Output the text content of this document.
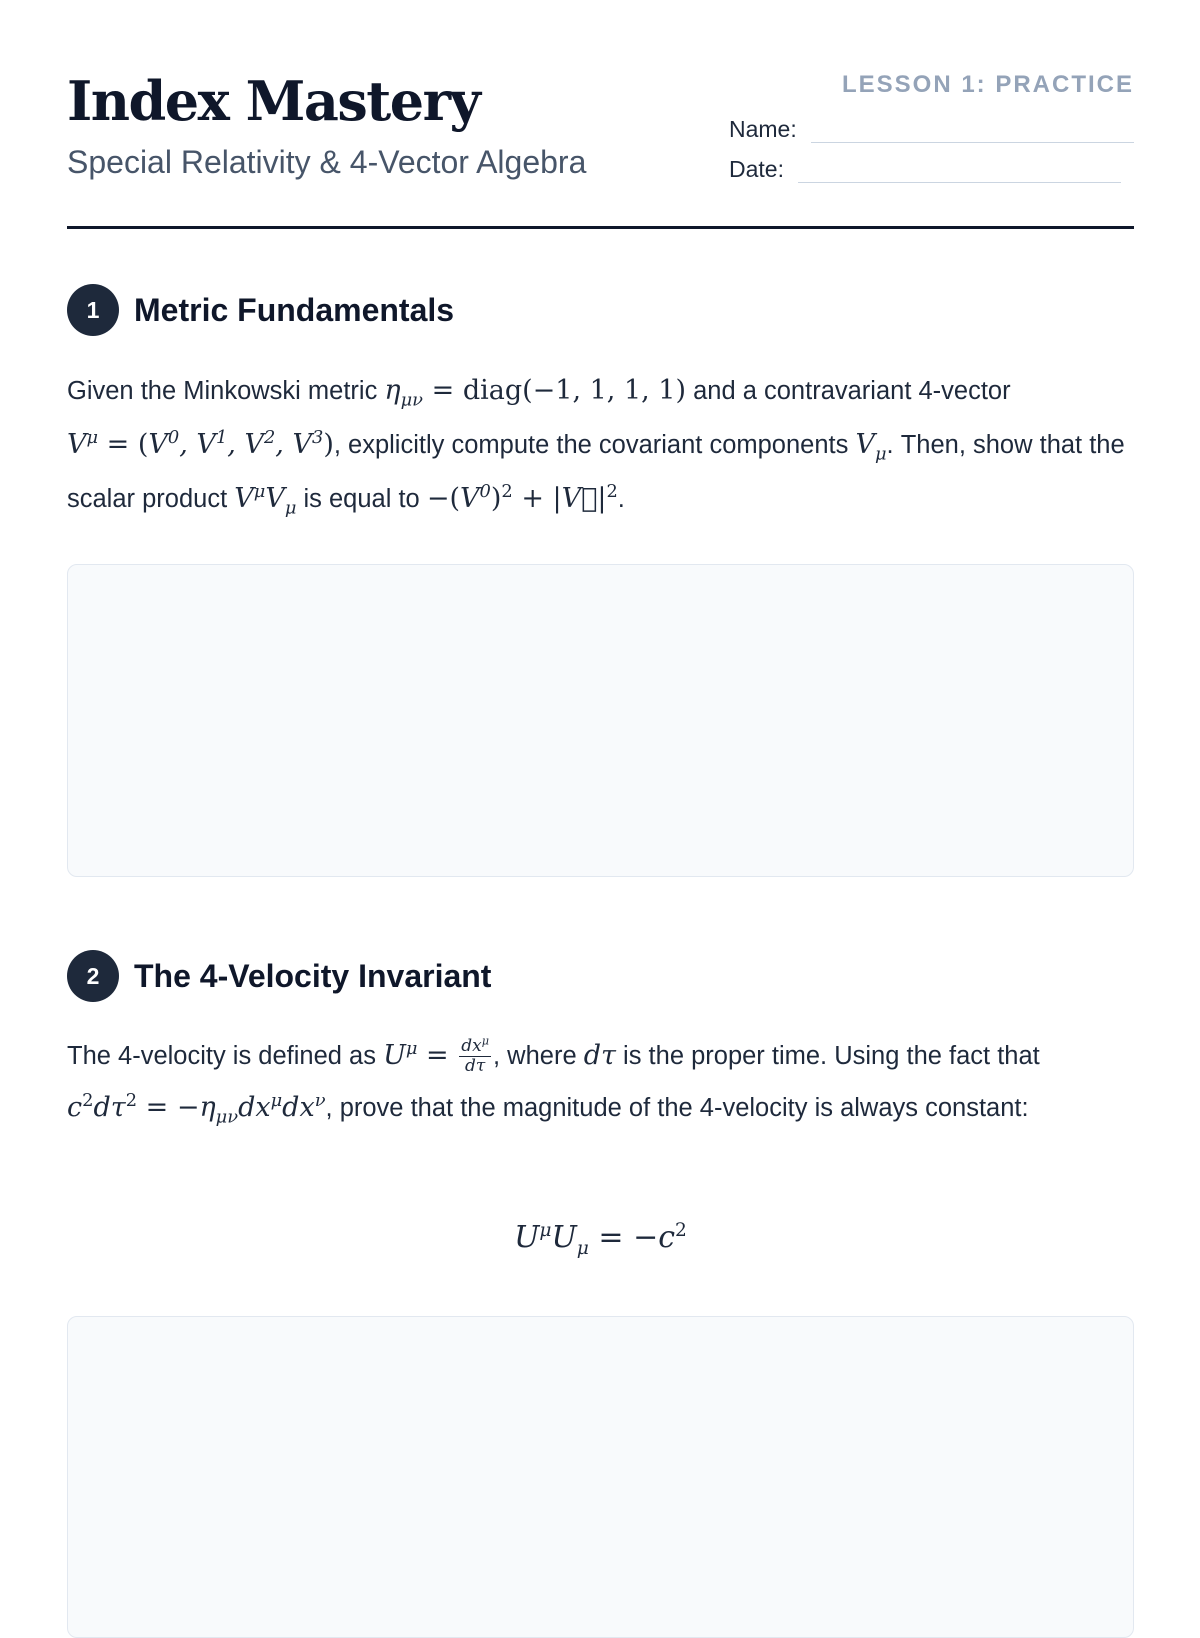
Index Mastery
Special Relativity & 4-Vector Algebra
LESSON 1: PRACTICE
Name:
Date:
1	Metric Fundamentals
Given the Minkowski metric $\eta_{\mu\nu}$ = diag(−1, 1, 1, 1) and a contravariant 4-vector $V^\mu = (V^0$, $V^1$, $V^2$, $V^3$), explicitly compute the covariant components $V_\mu$. Then, show that the scalar product $V^\mu V_\mu$ is equal to $-(V^0)^2$ + $|V⃗|^2$.
2	The 4-Velocity Invariant
The 4-velocity is defined as $U^\mu = \frac{dx^\mu}{d\tau}$ , where dτ is the proper time. Using the fact that $c^2d\tau^2 = -\eta_{\mu\nu}dx^\mu dx^\nu$, prove that the magnitude of the 4-velocity is always constant:
$U^\mu U_\mu = -c^2$
